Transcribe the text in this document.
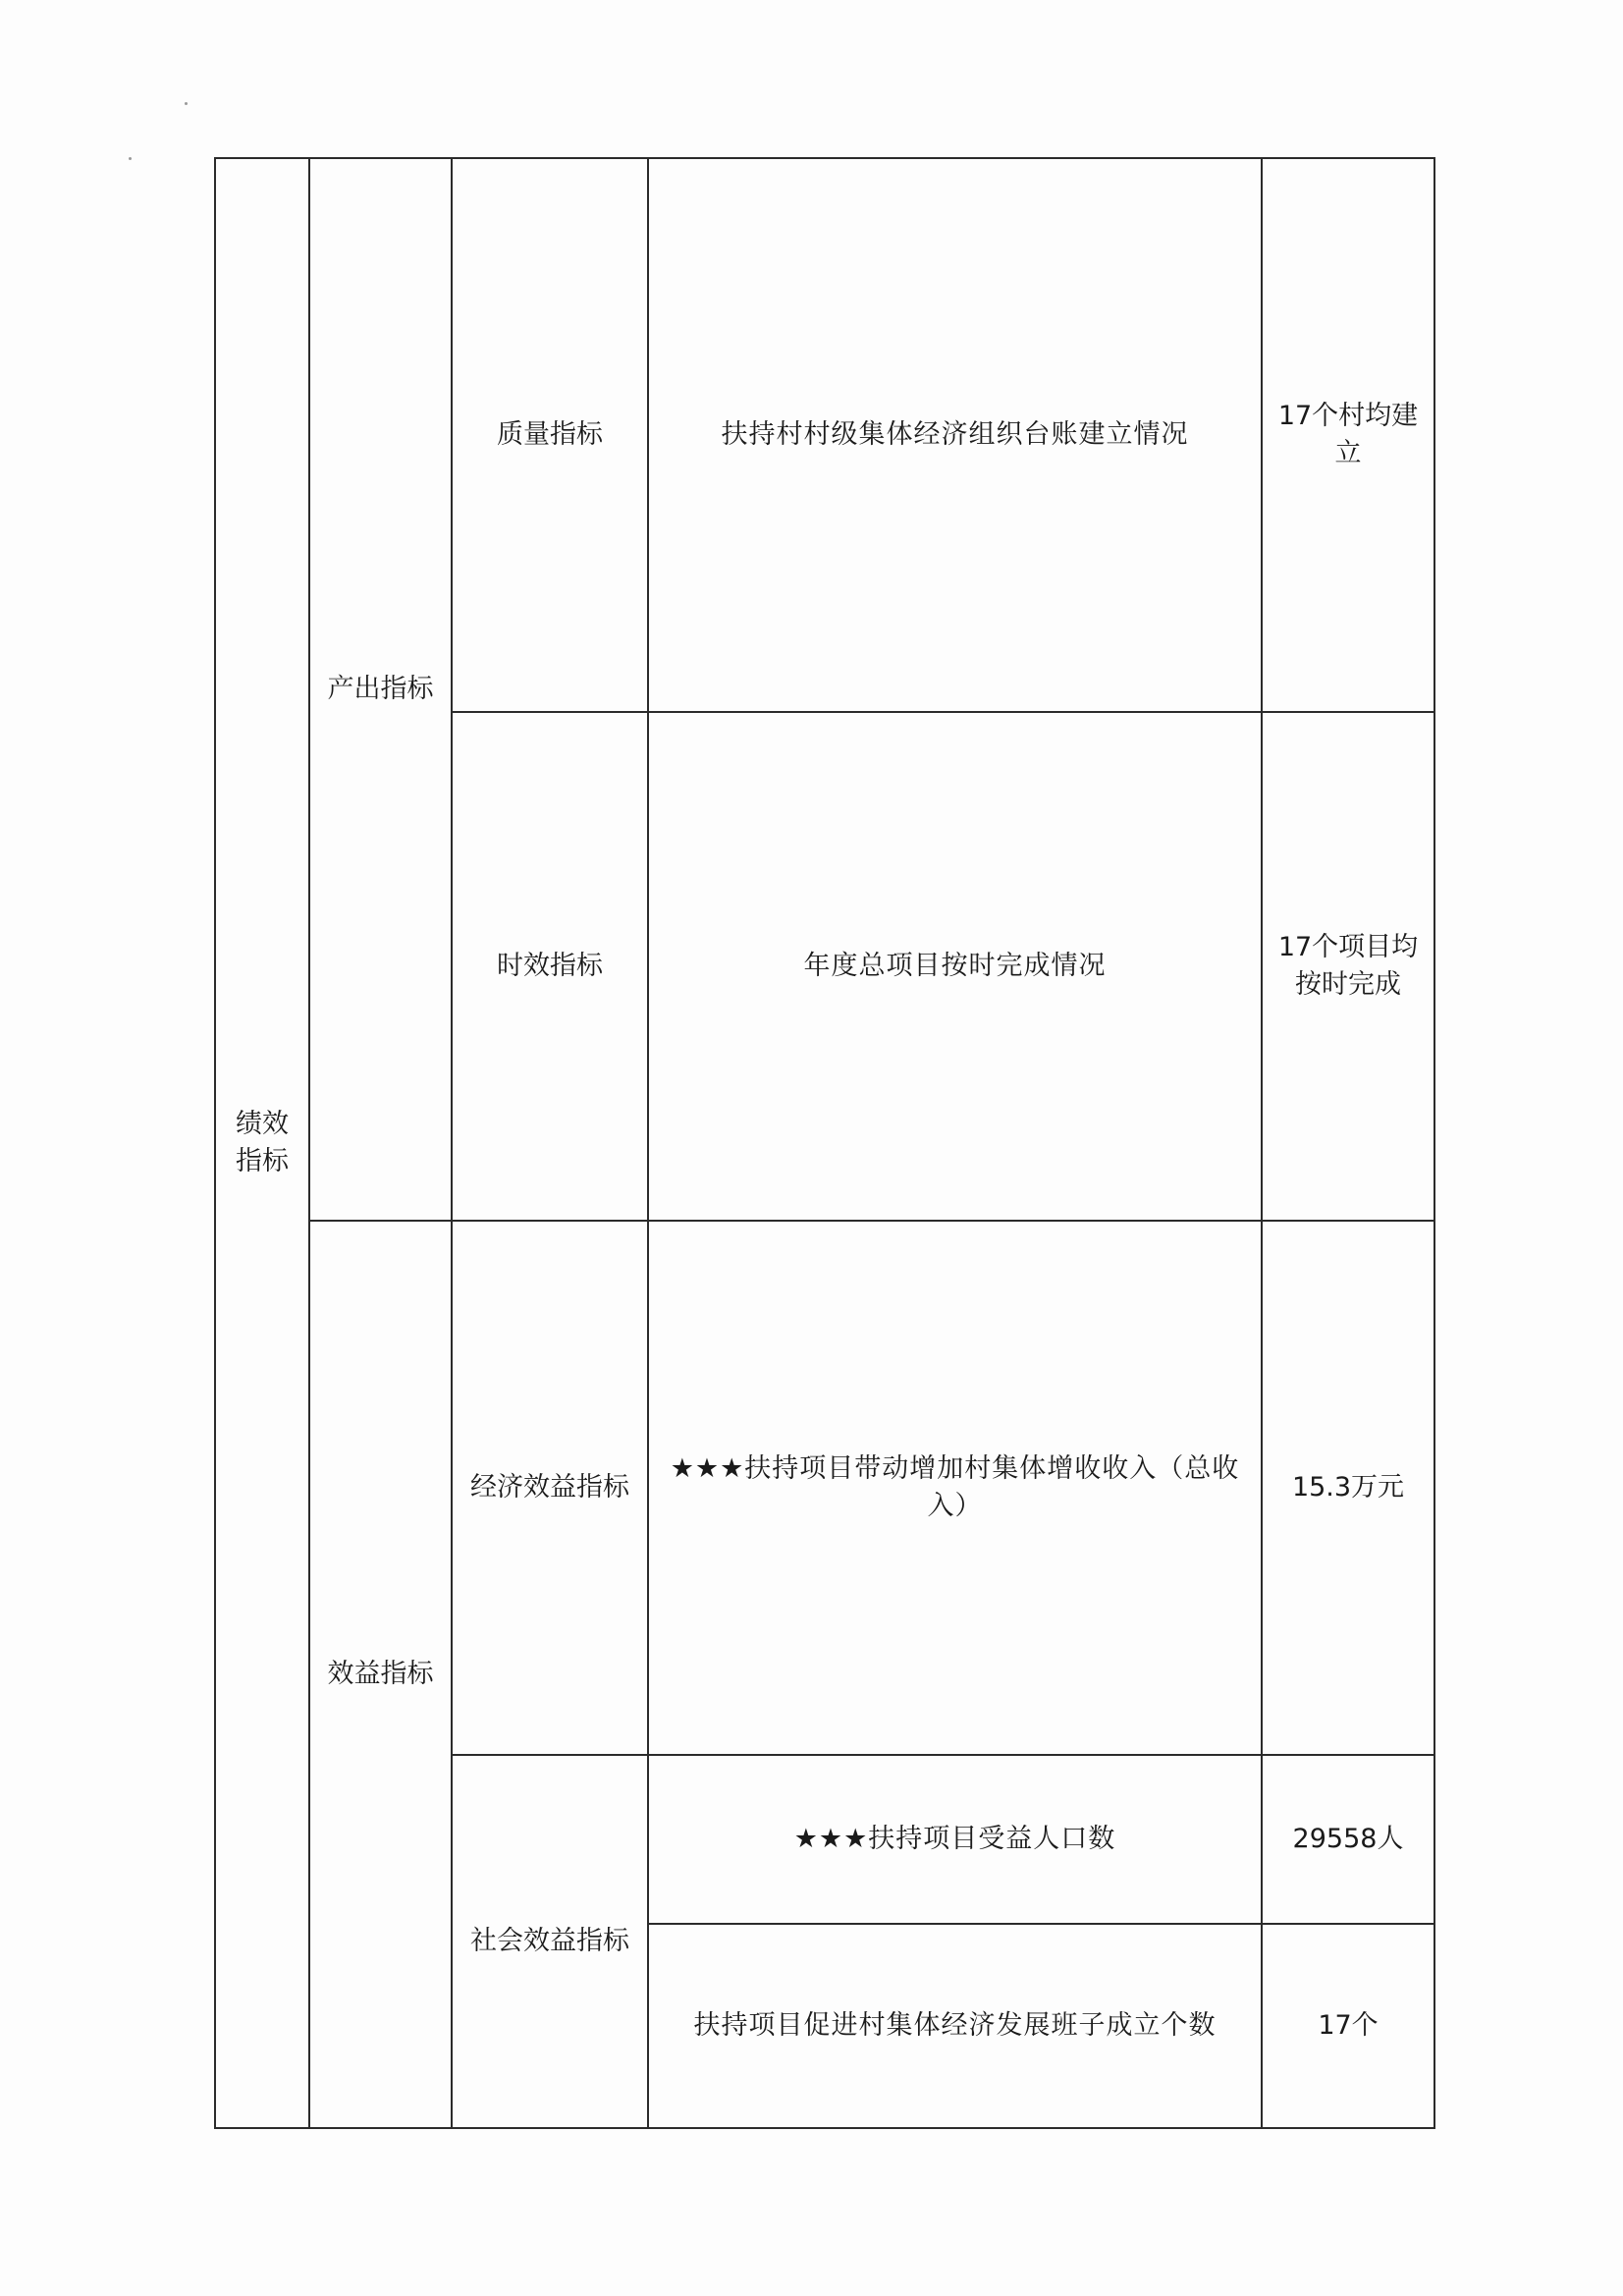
绩效指标	产出指标	质量指标	扶持村村级集体经济组织台账建立情况	17个村均建立
		时效指标	年度总项目按时完成情况	17个项目均按时完成
	效益指标	经济效益指标	★★★扶持项目带动增加村集体增收收入（总收入）	15.3万元
		社会效益指标	★★★扶持项目受益人口数	29558人
			扶持项目促进村集体经济发展班子成立个数	17个
